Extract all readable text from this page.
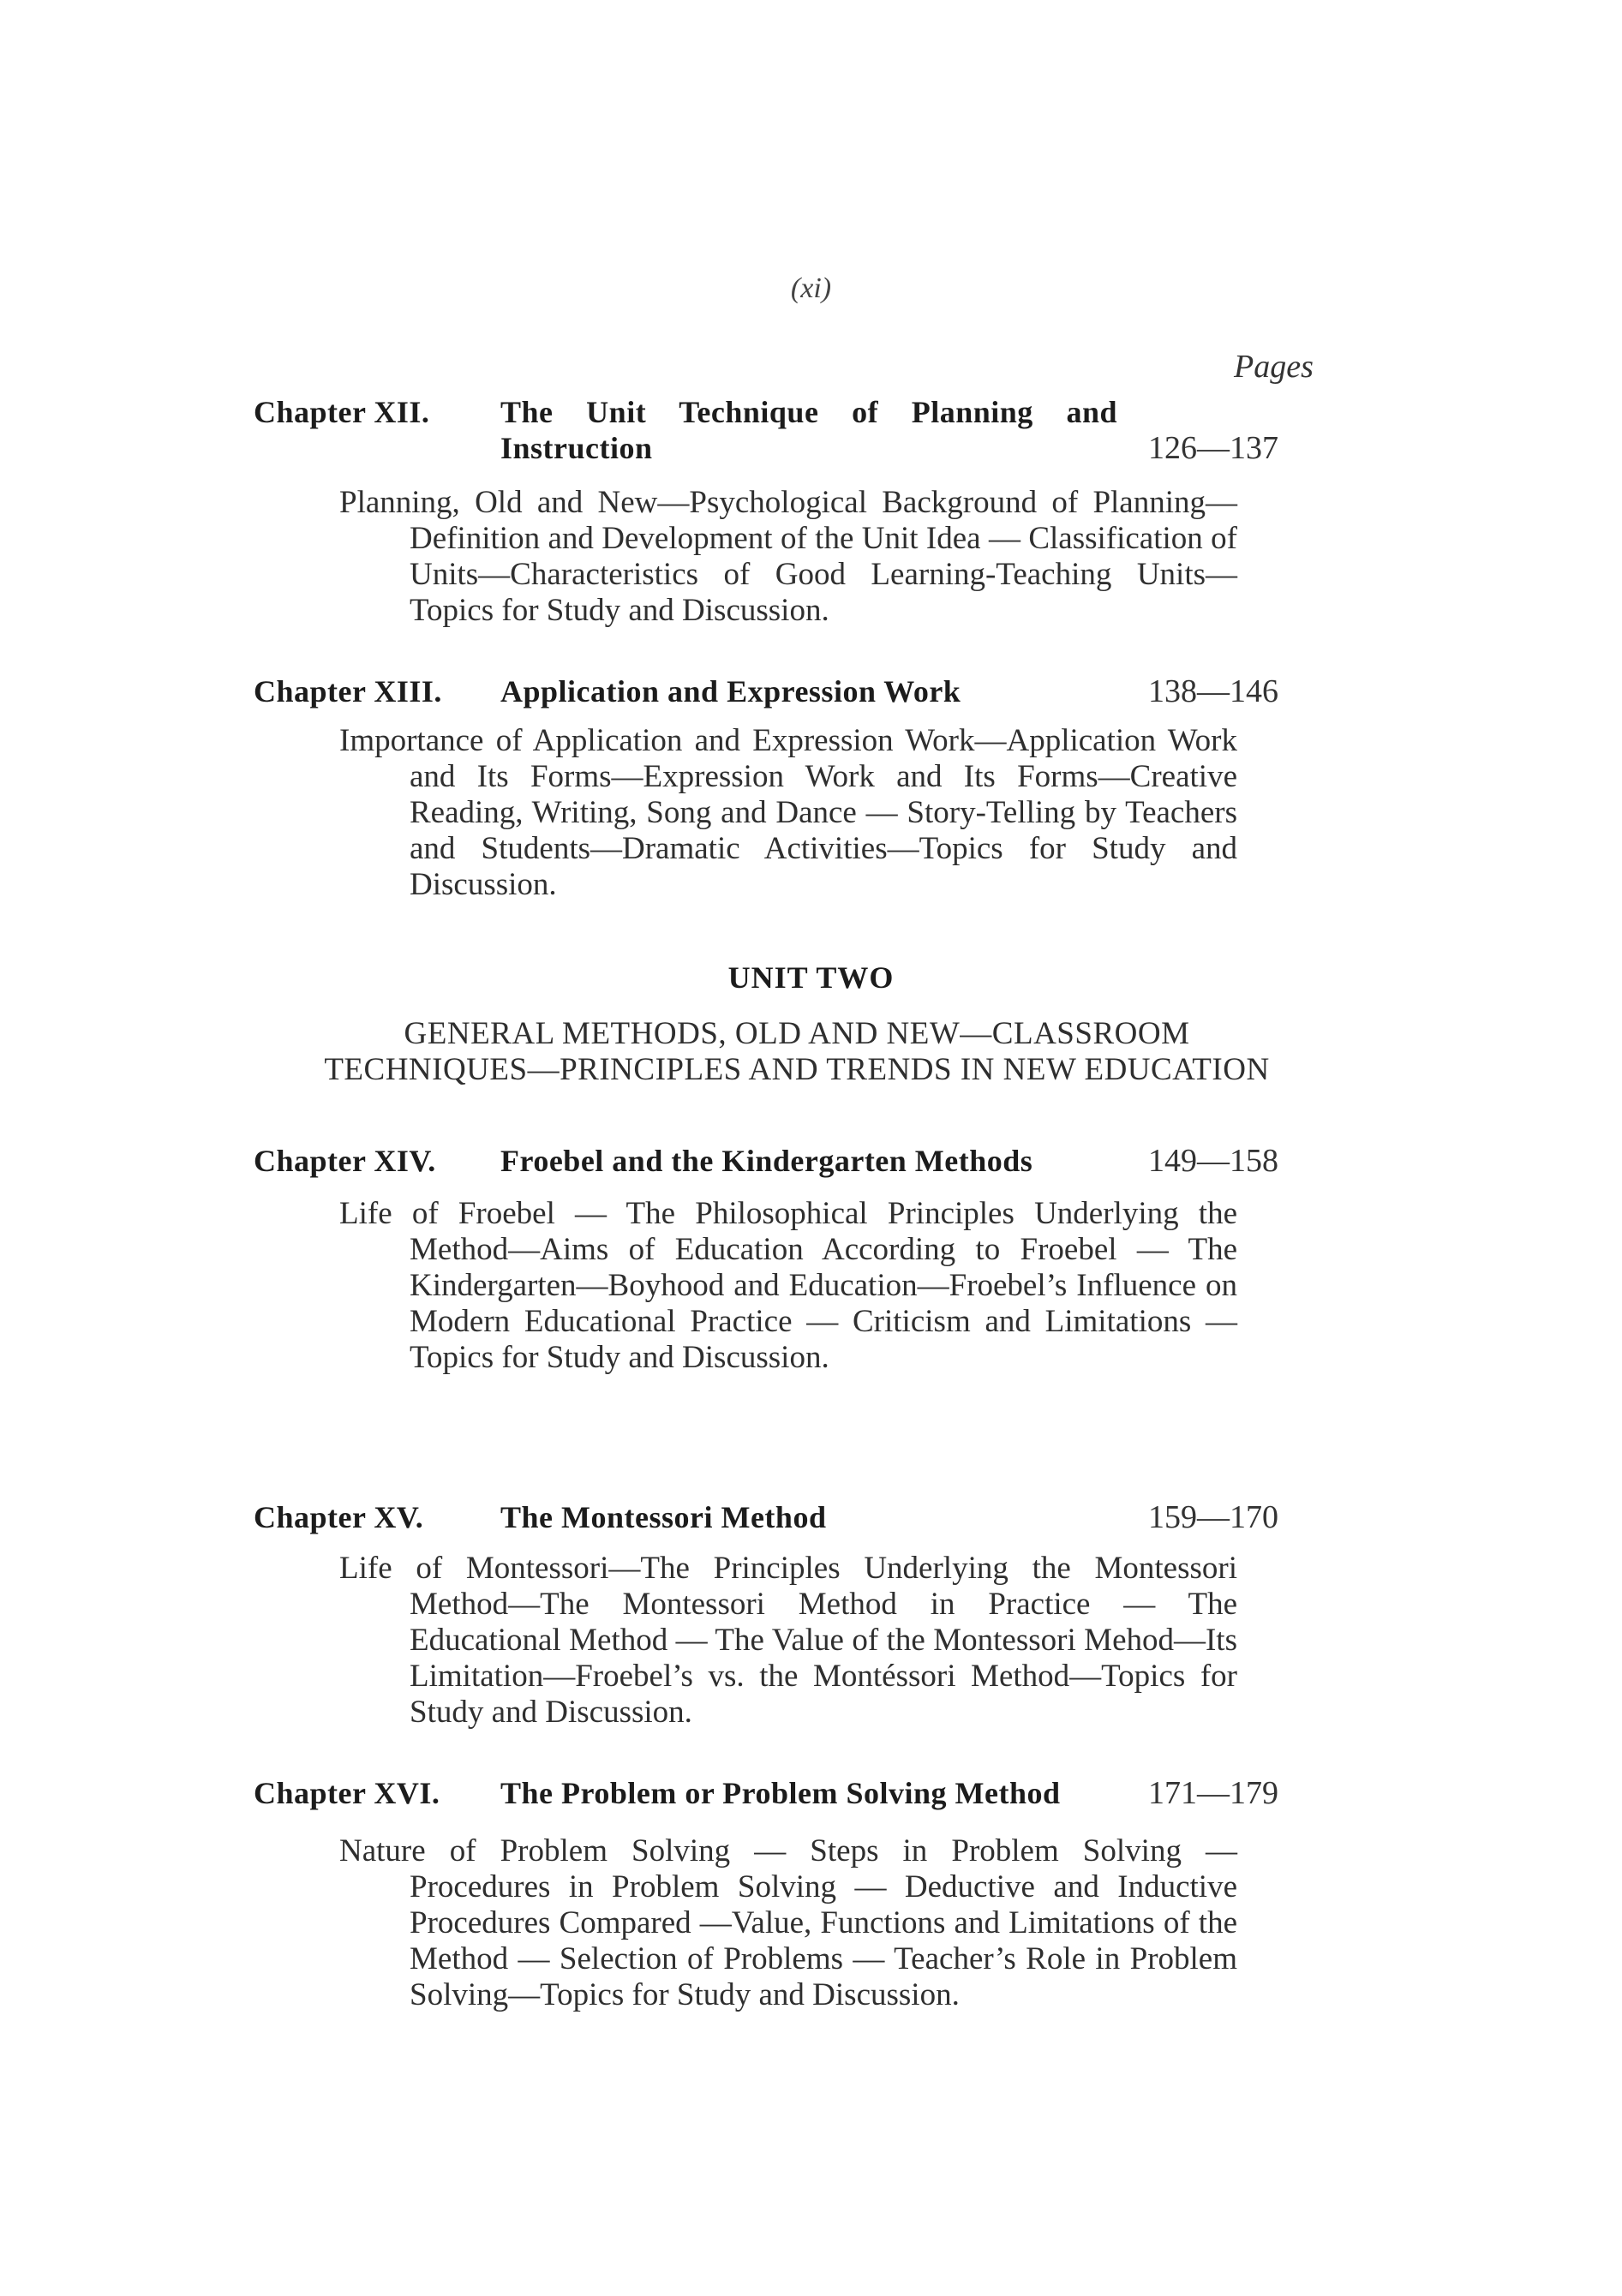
(xi)
Pages
Chapter XII.	The Unit Technique of Planning and Instruction	126—137
Planning, Old and New—Psychological Background of Planning—Definition and Development of the Unit Idea — Classification of Units—Characteristics of Good Learning-Teaching Units—Topics for Study and Discussion.
Chapter XIII.	Application and Expression Work	138—146
Importance of Application and Expression Work—Application Work and Its Forms—Expression Work and Its Forms—Creative Reading, Writing, Song and Dance — Story-Telling by Teachers and Students—Dramatic Activities—Topics for Study and Discussion.
UNIT TWO
GENERAL METHODS, OLD AND NEW—CLASSROOM TECHNIQUES—PRINCIPLES AND TRENDS IN NEW EDUCATION
Chapter XIV.	Froebel and the Kindergarten Methods	149—158
Life of Froebel — The Philosophical Principles Underlying the Method—Aims of Education According to Froebel — The Kindergarten—Boyhood and Education—Froebel’s Influence on Modern Educational Practice — Criticism and Limitations — Topics for Study and Discussion.
Chapter XV.	The Montessori Method	159—170
Life of Montessori—The Principles Underlying the Montessori Method—The Montessori Method in Practice — The Educational Method — The Value of the Montessori Mehod—Its Limitation—Froebel’s vs. the Montéssori Method—Topics for Study and Discussion.
Chapter XVI.	The Problem or Problem Solving Method	171—179
Nature of Problem Solving — Steps in Problem Solving — Procedures in Problem Solving — Deductive and Inductive Procedures Compared —Value, Functions and Limitations of the Method — Selection of Problems — Teacher’s Role in Problem Solving—Topics for Study and Discussion.
